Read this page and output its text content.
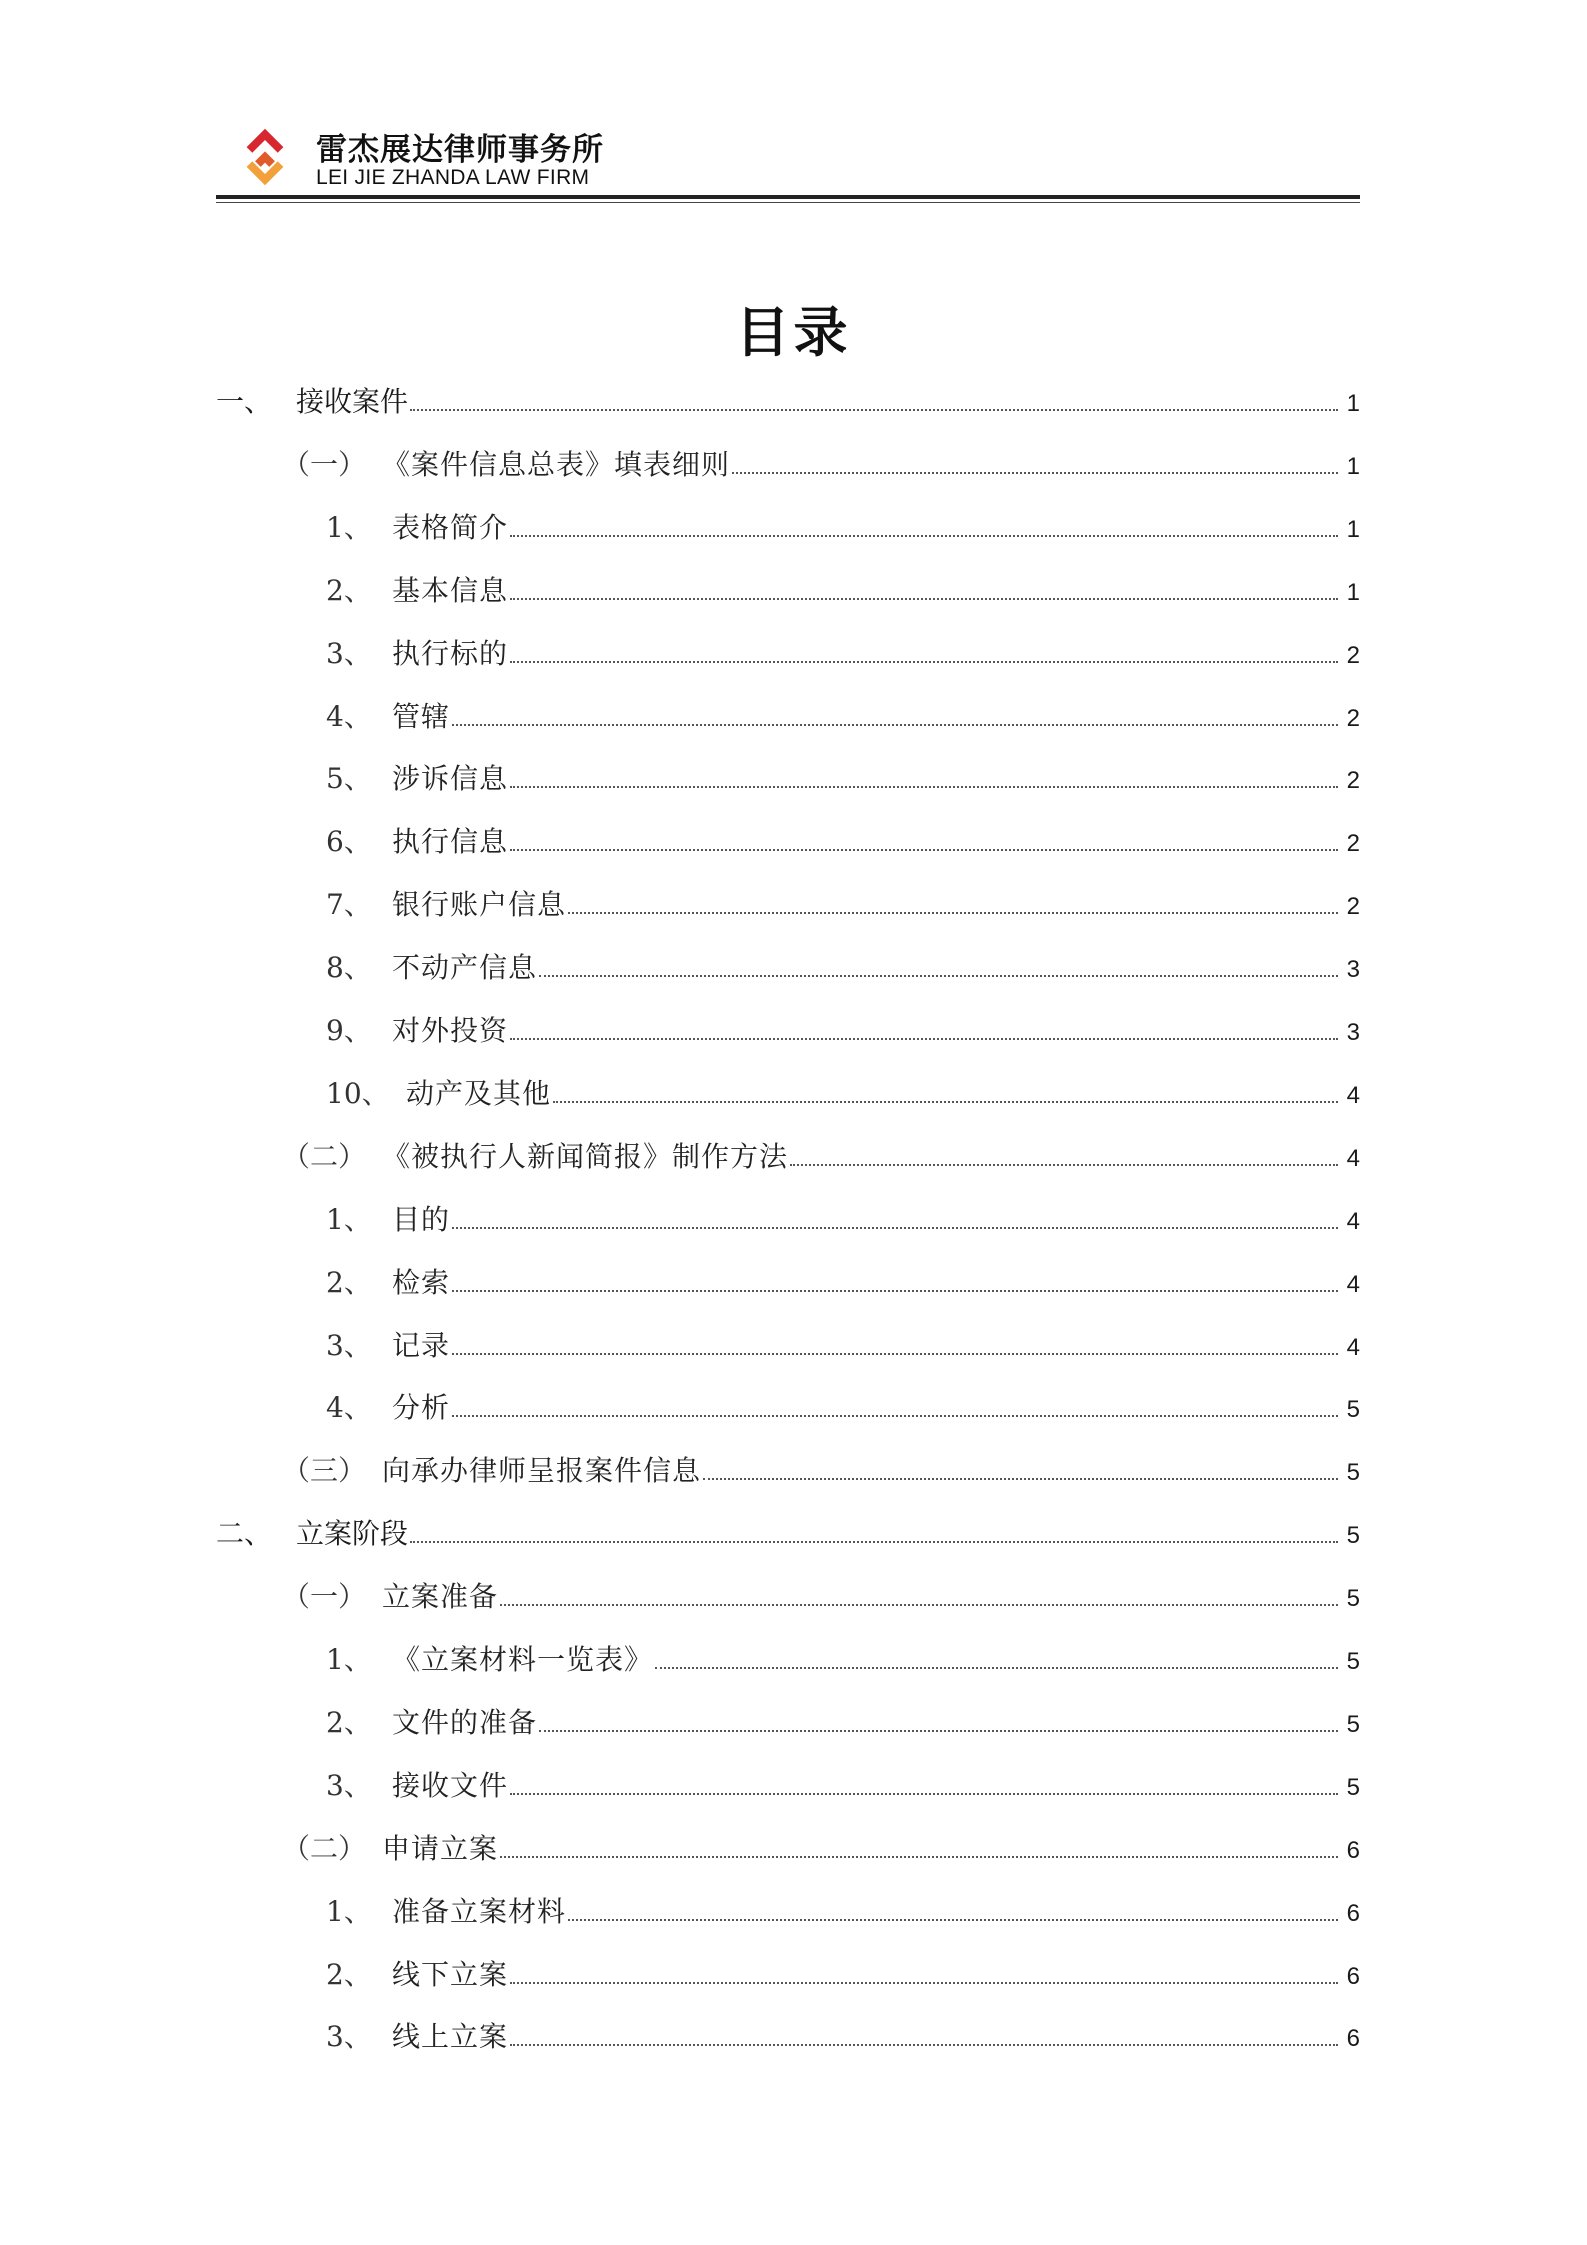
雷杰展达律师事务所
LEI JIE ZHANDA LAW FIRM
目录
一、 接收案件	1
（一） 《案件信息总表》填表细则	1
1、 表格简介	1
2、 基本信息	1
3、 执行标的	2
4、 管辖	2
5、 涉诉信息	2
6、 执行信息	2
7、 银行账户信息	2
8、 不动产信息	3
9、 对外投资	3
10、 动产及其他	4
（二） 《被执行人新闻简报》制作方法	4
1、 目的	4
2、 检索	4
3、 记录	4
4、 分析	5
（三） 向承办律师呈报案件信息	5
二、 立案阶段	5
（一） 立案准备	5
1、 《立案材料一览表》	5
2、 文件的准备	5
3、 接收文件	5
（二） 申请立案	6
1、 准备立案材料	6
2、 线下立案	6
3、 线上立案	6
